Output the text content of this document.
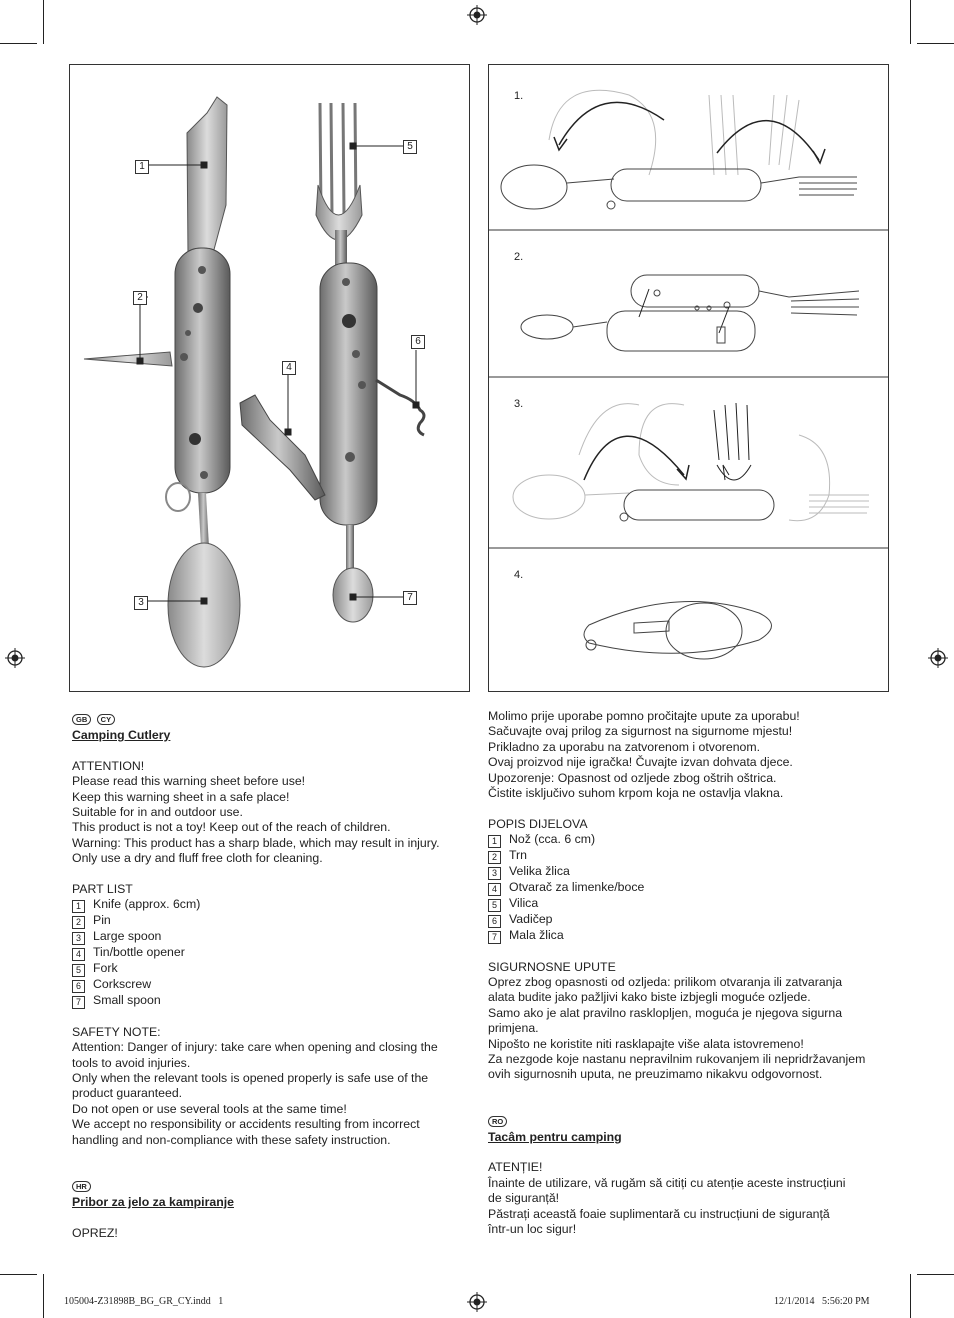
1
2
3
4
5
6
7
1.
2.
3.
4.
GB CY

Camping Cutlery

ATTENTION!

Please read this warning sheet before use!

Keep this warning sheet in a safe place!

Suitable for in and outdoor use.

This product is not a toy! Keep out of the reach of children.

Warning: This product has a sharp blade, which may result in injury.

Only use a dry and fluff free cloth for cleaning.

PART LIST

1 Knife (approx. 6cm)

2 Pin

3 Large spoon

4 Tin/bottle opener

5 Fork

6 Corkscrew

7 Small spoon

SAFETY NOTE:

Attention: Danger of injury: take care when opening and closing the

tools to avoid injuries.

Only when the relevant tools is opened properly is safe use of the

product guaranteed.

Do not open or use several tools at the same time!

We accept no responsibility or accidents resulting from incorrect

handling and non-compliance with these safety instruction.

HR

Pribor za jelo za kampiranje

OPREZ!

Molimo prije uporabe pomno pročitajte upute za uporabu!

Sačuvajte ovaj prilog za sigurnost na sigurnome mjestu!

Prikladno za uporabu na zatvorenom i otvorenom.

Ovaj proizvod nije igračka! Čuvajte izvan dohvata djece.

Upozorenje: Opasnost od ozljede zbog oštrih oštrica.

Čistite isključivo suhom krpom koja ne ostavlja vlakna.

POPIS DIJELOVA

1 Nož (cca. 6 cm)

2 Trn

3 Velika žlica

4 Otvarač za limenke/boce

5 Vilica

6 Vadičep

7 Mala žlica

SIGURNOSNE UPUTE

Oprez zbog opasnosti od ozljeda: prilikom otvaranja ili zatvaranja

alata budite jako pažljivi kako biste izbjegli moguće ozljede.

Samo ako je alat pravilno rasklopljen, moguća je njegova sigurna

primjena.

Nipošto ne koristite niti rasklapajte više alata istovremeno!

Za nezgode koje nastanu nepravilnim rukovanjem ili nepridržavanjem

ovih sigurnosnih uputa, ne preuzimamo nikakvu odgovornost.

RO

Tacâm pentru camping

ATENȚIE!

Înainte de utilizare, vă rugăm să citiți cu atenție aceste instrucțiuni

de siguranță!

Păstrați această foaie suplimentară cu instrucțiuni de siguranță

într-un loc sigur!

105004-Z31898B_BG_GR_CY.indd   1	12/1/2014   5:56:20 PM
